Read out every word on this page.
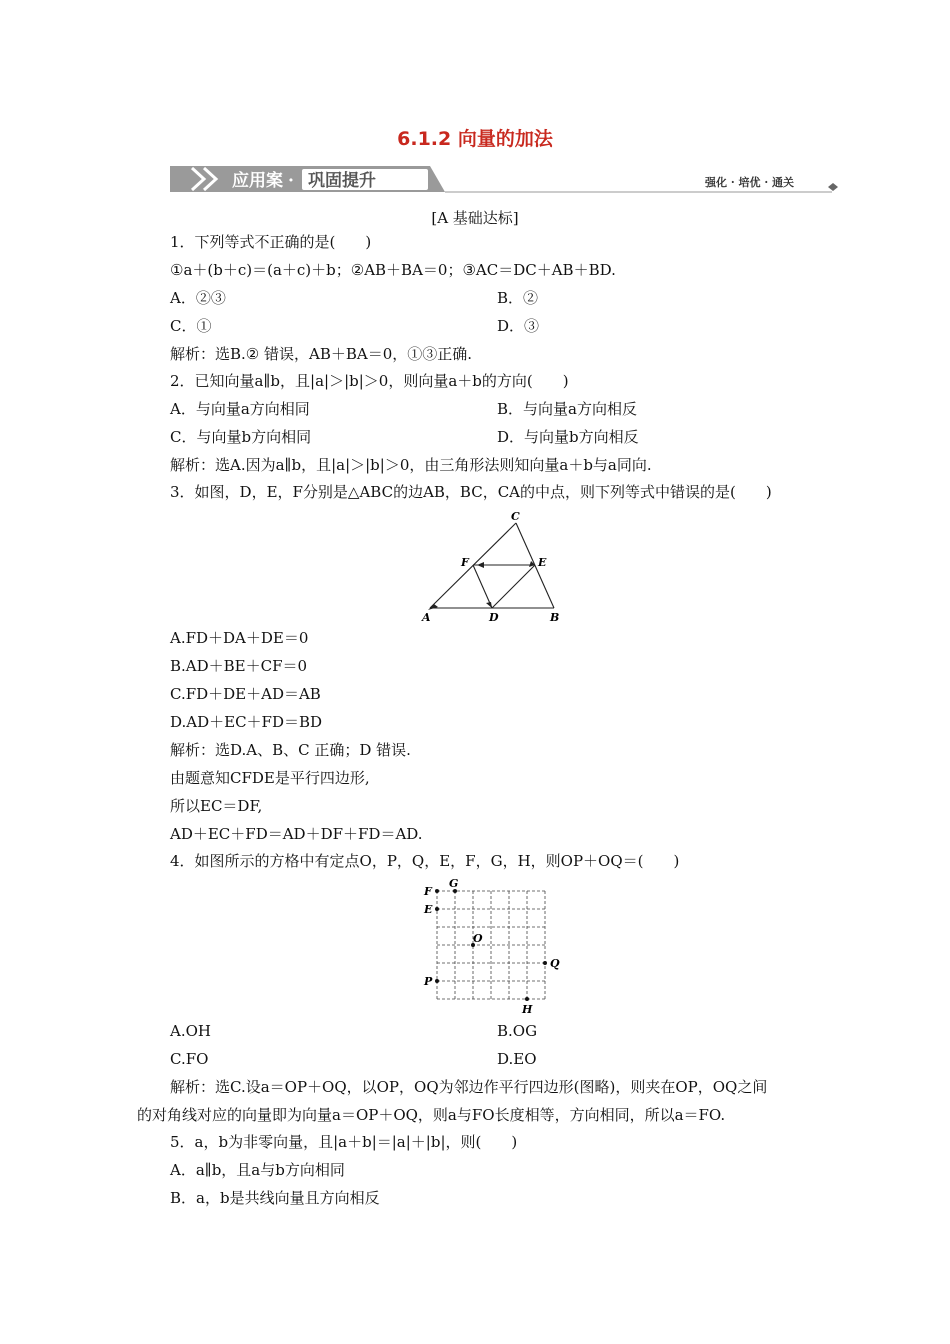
6.1.2 向量的加法
应用案 · 巩固提升	强化 · 培优 · 通关
[A 基础达标]
1．下列等式不正确的是(　　)
①a＋(b＋c)＝(a＋c)＋b；②AB＋BA＝0；③AC＝DC＋AB＋BD.
A．②③	B．②
C．①	D．③
解析：选B.② 错误，AB＋BA＝0，①③正确.
2．已知向量a∥b，且|a|＞|b|＞0，则向量a＋b的方向(　　)
A．与向量a方向相同	B．与向量a方向相反
C．与向量b方向相同	D．与向量b方向相反
解析：选A.因为a∥b，且|a|＞|b|＞0，由三角形法则知向量a＋b与a同向.
3．如图，D，E，F分别是△ABC的边AB，BC，CA的中点，则下列等式中错误的是(　　)
A	B
C
D
E
F
A.FD＋DA＋DE＝0
B.AD＋BE＋CF＝0
C.FD＋DE＋AD＝AB
D.AD＋EC＋FD＝BD
解析：选D.A、B、C 正确；D 错误.
由题意知CFDE是平行四边形,
所以EC＝DF,
AD＋EC＋FD＝AD＋DF＋FD＝AD.
4．如图所示的方格中有定点O，P，Q，E，F，G，H，则OP＋OQ＝(　　)
F
G
E
O
Q
P
H
A.OH	B.OG
C.FO	D.EO
解析：选C.设a＝OP＋OQ，以OP，OQ为邻边作平行四边形(图略)，则夹在OP，OQ之间
的对角线对应的向量即为向量a＝OP＋OQ，则a与FO长度相等，方向相同，所以a＝FO.
5．a，b为非零向量，且|a＋b|＝|a|＋|b|，则(　　)
A．a∥b，且a与b方向相同
B．a，b是共线向量且方向相反
